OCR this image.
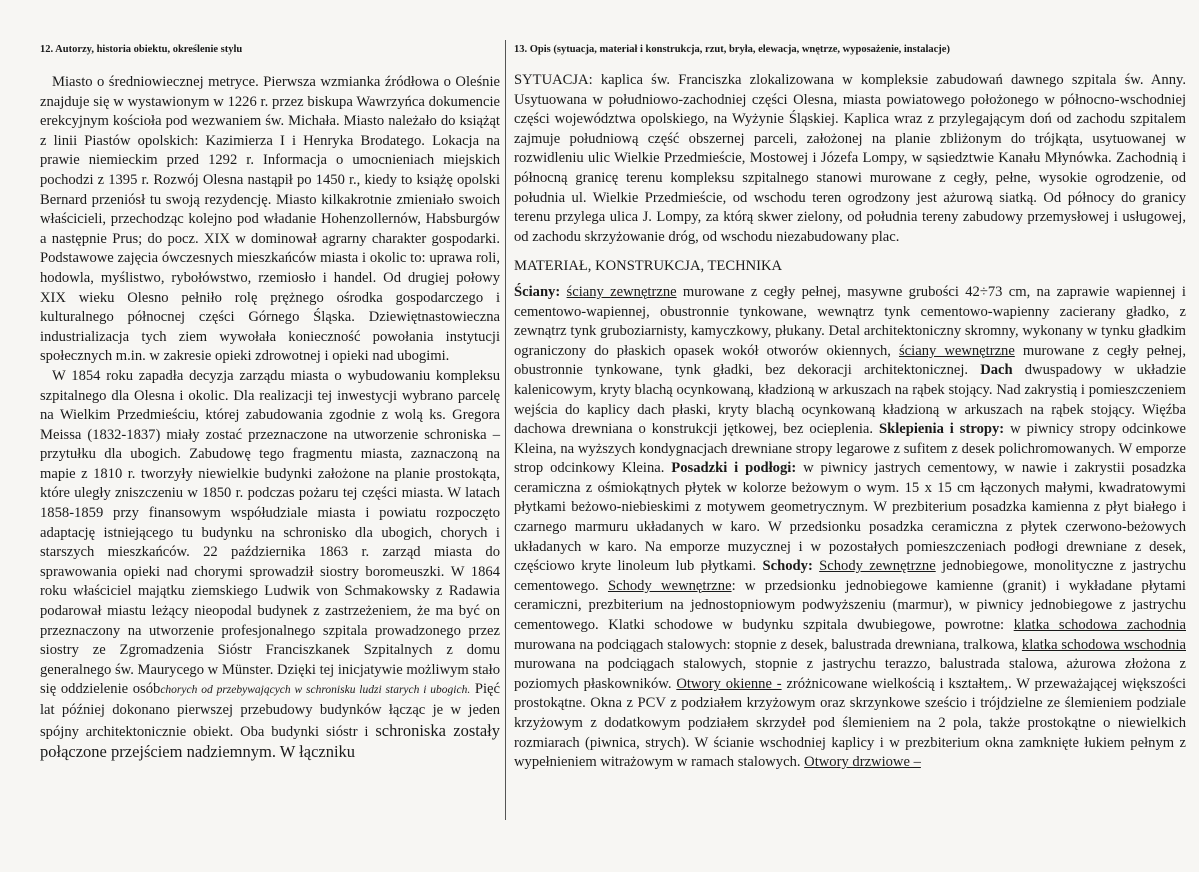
12. Autorzy, historia obiektu, określenie stylu

Miasto o średniowiecznej metryce. Pierwsza wzmianka źródłowa o Oleśnie znajduje się w wystawionym w 1226 r. przez biskupa Wawrzyńca dokumencie erekcyjnym kościoła pod wezwaniem św. Michała. Miasto należało do książąt z linii Piastów opolskich: Kazimierza I i Henryka Brodatego. Lokacja na prawie niemieckim przed 1292 r. Informacja o umocnieniach miejskich pochodzi z 1395 r. Rozwój Olesna nastąpił po 1450 r., kiedy to książę opolski Bernard przeniósł tu swoją rezydencję. Miasto kilkakrotnie zmieniało swoich właścicieli, przechodząc kolejno pod władanie Hohenzollernów, Habsburgów a następnie Prus; do pocz. XIX w dominował agrarny charakter gospodarki. Podstawowe zajęcia ówczesnych mieszkańców miasta i okolic to: uprawa roli, hodowla, myślistwo, rybołówstwo, rzemiosło i handel. Od drugiej połowy XIX wieku Olesno pełniło rolę prężnego ośrodka gospodarczego i kulturalnego północnej części Górnego Śląska. Dziewiętnastowieczna industrializacja tych ziem wywołała konieczność powołania instytucji społecznych m.in. w zakresie opieki zdrowotnej i opieki nad ubogimi.

W 1854 roku zapadła decyzja zarządu miasta o wybudowaniu kompleksu szpitalnego dla Olesna i okolic. Dla realizacji tej inwestycji wybrano parcelę na Wielkim Przedmieściu, której zabudowania zgodnie z wolą ks. Gregora Meissa (1832-1837) miały zostać przeznaczone na utworzenie schroniska – przytułku dla ubogich. Zabudowę tego fragmentu miasta, zaznaczoną na mapie z 1810 r. tworzyły niewielkie budynki założone na planie prostokąta, które uległy zniszczeniu w 1850 r. podczas pożaru tej części miasta. W latach 1858-1859 przy finansowym współudziale miasta i powiatu rozpoczęto adaptację istniejącego tu budynku na schronisko dla ubogich, chorych i starszych mieszkańców. 22 października 1863 r. zarząd miasta do sprawowania opieki nad chorymi sprowadził siostry boromeuszki. W 1864 roku właściciel majątku ziemskiego Ludwik von Schmakowsky z Radawia podarował miastu leżący nieopodal budynek z zastrzeżeniem, że ma być on przeznaczony na utworzenie profesjonalnego szpitala prowadzonego przez siostry ze Zgromadzenia Sióstr Franciszkanek Szpitalnych z domu generalnego św. Maurycego w Münster. Dzięki tej inicjatywie możliwym stało się oddzielenie osóbchorych od przebywających w schronisku ludzi starych i ubogich. Pięć lat później dokonano pierwszej przebudowy budynków łącząc je w jeden spójny architektonicznie obiekt. Oba budynki sióstr i schroniska zostały połączone przejściem nadziemnym. W łączniku

13. Opis (sytuacja, materiał i konstrukcja, rzut, bryła, elewacja, wnętrze, wyposażenie, instalacje)

SYTUACJA: kaplica św. Franciszka zlokalizowana w kompleksie zabudowań dawnego szpitala św. Anny. Usytuowana w południowo-zachodniej części Olesna, miasta powiatowego położonego w północno-wschodniej części województwa opolskiego, na Wyżynie Śląskiej. Kaplica wraz z przylegającym doń od zachodu szpitalem zajmuje południową część obszernej parceli, założonej na planie zbliżonym do trójkąta, usytuowanej w rozwidleniu ulic Wielkie Przedmieście, Mostowej i Józefa Lompy, w sąsiedztwie Kanału Młynówka. Zachodnią i północną granicę terenu kompleksu szpitalnego stanowi murowane z cegły, pełne, wysokie ogrodzenie, od południa ul. Wielkie Przedmieście, od wschodu teren ogrodzony jest ażurową siatką. Od północy do granicy terenu przylega ulica J. Lompy, za którą skwer zielony, od południa tereny zabudowy przemysłowej i usługowej, od zachodu skrzyżowanie dróg, od wschodu niezabudowany plac.

MATERIAŁ, KONSTRUKCJA, TECHNIKA

Ściany: ściany zewnętrzne murowane z cegły pełnej, masywne grubości 42÷73 cm, na zaprawie wapiennej i cementowo-wapiennej, obustronnie tynkowane, wewnątrz tynk cementowo-wapienny zacierany gładko, z zewnątrz tynk gruboziarnisty, kamyczkowy, płukany. Detal architektoniczny skromny, wykonany w tynku gładkim ograniczony do płaskich opasek wokół otworów okiennych, ściany wewnętrzne murowane z cegły pełnej, obustronnie tynkowane, tynk gładki, bez dekoracji architektonicznej. Dach dwuspadowy w układzie kalenicowym, kryty blachą ocynkowaną, kładzioną w arkuszach na rąbek stojący. Nad zakrystią i pomieszczeniem wejścia do kaplicy dach płaski, kryty blachą ocynkowaną kładzioną w arkuszach na rąbek stojący. Więźba dachowa drewniana o konstrukcji jętkowej, bez ocieplenia. Sklepienia i stropy: w piwnicy stropy odcinkowe Kleina, na wyższych kondygnacjach drewniane stropy legarowe z sufitem z desek polichromowanych. W emporze strop odcinkowy Kleina. Posadzki i podłogi: w piwnicy jastrych cementowy, w nawie i zakrystii posadzka ceramiczna z ośmiokątnych płytek w kolorze beżowym o wym. 15 x 15 cm łączonych małymi, kwadratowymi płytkami beżowo-niebieskimi z motywem geometrycznym. W prezbiterium posadzka kamienna z płyt białego i czarnego marmuru układanych w karo. W przedsionku posadzka ceramiczna z płytek czerwono-beżowych układanych w karo. Na emporze muzycznej i w pozostałych pomieszczeniach podłogi drewniane z desek, częściowo kryte linoleum lub płytkami. Schody: Schody zewnętrzne jednobiegowe, monolityczne z jastrychu cementowego. Schody wewnętrzne: w przedsionku jednobiegowe kamienne (granit) i wykładane płytami ceramiczni, prezbiterium na jednostopniowym podwyższeniu (marmur), w piwnicy jednobiegowe z jastrychu cementowego. Klatki schodowe w budynku szpitala dwubiegowe, powrotne: klatka schodowa zachodnia murowana na podciągach stalowych: stopnie z desek, balustrada drewniana, tralkowa, klatka schodowa wschodnia murowana na podciągach stalowych, stopnie z jastrychu terazzo, balustrada stalowa, ażurowa złożona z poziomych płaskowników. Otwory okienne - zróżnicowane wielkością i kształtem,. W przeważającej większości prostokątne. Okna z PCV z podziałem krzyżowym oraz skrzynkowe sześcio i trójdzielne ze ślemieniem podziale krzyżowym z dodatkowym podziałem skrzydeł pod ślemieniem na 2 pola, także prostokątne o niewielkich rozmiarach (piwnica, strych). W ścianie wschodniej kaplicy i w prezbiterium okna zamknięte łukiem pełnym z wypełnieniem witrażowym w ramach stalowych. Otwory drzwiowe –
